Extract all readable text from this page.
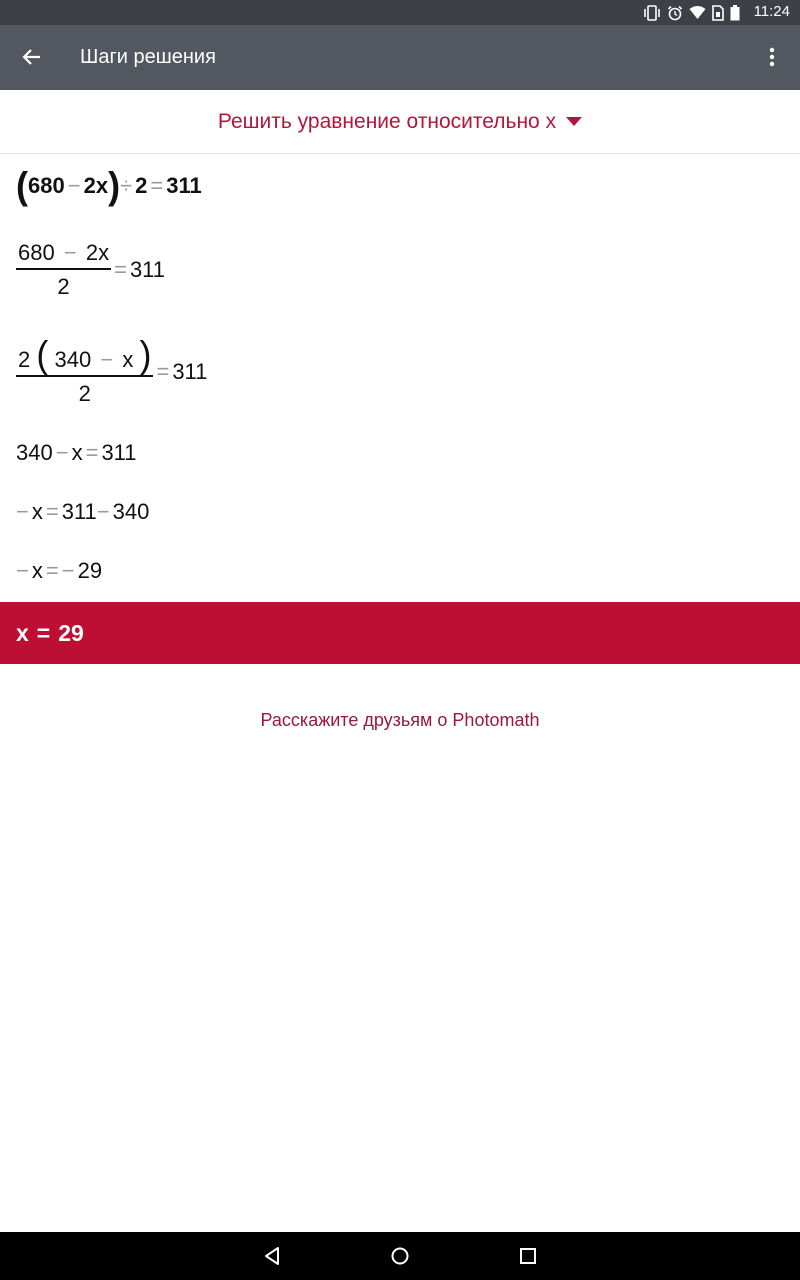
11:24
Шаги решения
Решить уравнение относительно x
( 680 − 2x ) ÷ 2 = 311
$\frac{680 - 2x}{2} = 311$
$\frac{2 ( 340 - x )}{2} = 311$
340 − x = 311
− x = 311 − 340
− x = − 29
x = 29
Расскажите друзьям о Photomath
